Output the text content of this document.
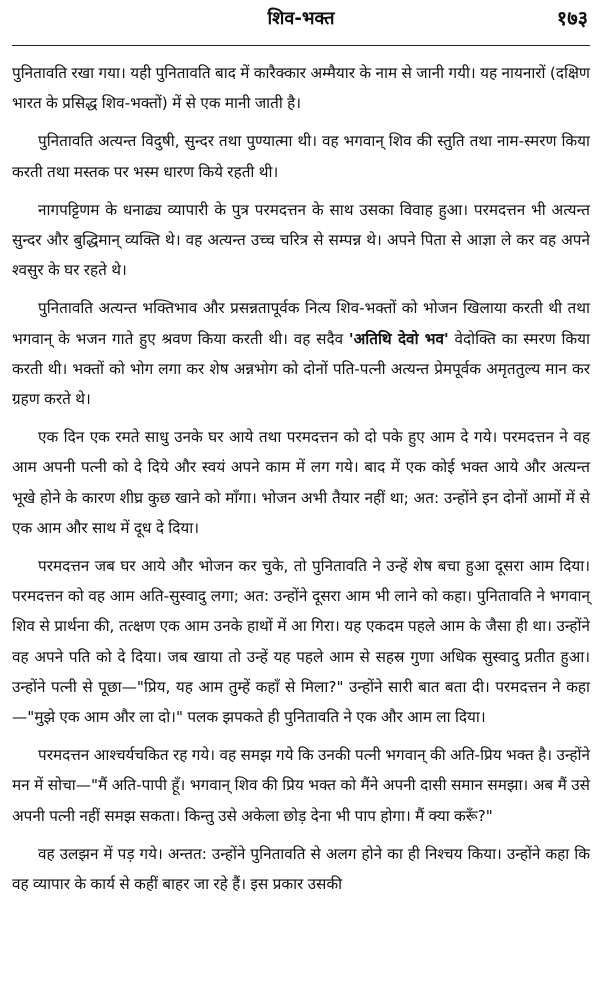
शिव-भक्त	१७३

पुनितावति रखा गया। यही पुनितावति बाद में कारैक्कार अम्मैयार के नाम से जानी गयी। यह नायनारों (दक्षिण भारत के प्रसिद्ध शिव-भक्तों) में से एक मानी जाती है।

पुनितावति अत्यन्त विदुषी, सुन्दर तथा पुण्यात्मा थी। वह भगवान् शिव की स्तुति तथा नाम-स्मरण किया करती तथा मस्तक पर भस्म धारण किये रहती थी।

नागपट्टिणम के धनाढ्य व्यापारी के पुत्र परमदत्तन के साथ उसका विवाह हुआ। परमदत्तन भी अत्यन्त सुन्दर और बुद्धिमान् व्यक्ति थे। वह अत्यन्त उच्च चरित्र से सम्पन्न थे। अपने पिता से आज्ञा ले कर वह अपने श्वसुर के घर रहते थे।

पुनितावति अत्यन्त भक्तिभाव और प्रसन्नतापूर्वक नित्य शिव-भक्तों को भोजन खिलाया करती थी तथा भगवान् के भजन गाते हुए श्रवण किया करती थी। वह सदैव 'अतिथि देवो भव' वेदोक्ति का स्मरण किया करती थी। भक्तों को भोग लगा कर शेष अन्नभोग को दोनों पति-पत्नी अत्यन्त प्रेमपूर्वक अमृततुल्य मान कर ग्रहण करते थे।

एक दिन एक रमते साधु उनके घर आये तथा परमदत्तन को दो पके हुए आम दे गये। परमदत्तन ने वह आम अपनी पत्नी को दे दिये और स्वयं अपने काम में लग गये। बाद में एक कोई भक्त आये और अत्यन्त भूखे होने के कारण शीघ्र कुछ खाने को माँगा। भोजन अभी तैयार नहीं था; अत: उन्होंने इन दोनों आमों में से एक आम और साथ में दूध दे दिया।

परमदत्तन जब घर आये और भोजन कर चुके, तो पुनितावति ने उन्हें शेष बचा हुआ दूसरा आम दिया। परमदत्तन को वह आम अति-सुस्वादु लगा; अत: उन्होंने दूसरा आम भी लाने को कहा। पुनितावति ने भगवान् शिव से प्रार्थना की, तत्क्षण एक आम उनके हाथों में आ गिरा। यह एकदम पहले आम के जैसा ही था। उन्होंने वह अपने पति को दे दिया। जब खाया तो उन्हें यह पहले आम से सहस्र गुणा अधिक सुस्वादु प्रतीत हुआ। उन्होंने पत्नी से पूछा—"प्रिय, यह आम तुम्हें कहाँ से मिला?" उन्होंने सारी बात बता दी। परमदत्तन ने कहा—"मुझे एक आम और ला दो।" पलक झपकते ही पुनितावति ने एक और आम ला दिया।

परमदत्तन आश्चर्यचकित रह गये। वह समझ गये कि उनकी पत्नी भगवान् की अति-प्रिय भक्त है। उन्होंने मन में सोचा—"मैं अति-पापी हूँ। भगवान् शिव की प्रिय भक्त को मैंने अपनी दासी समान समझा। अब मैं उसे अपनी पत्नी नहीं समझ सकता। किन्तु उसे अकेला छोड़ देना भी पाप होगा। मैं क्या करूँ?"

वह उलझन में पड़ गये। अन्तत: उन्होंने पुनितावति से अलग होने का ही निश्चय किया। उन्होंने कहा कि वह व्यापार के कार्य से कहीं बाहर जा रहे हैं। इस प्रकार उसकी
